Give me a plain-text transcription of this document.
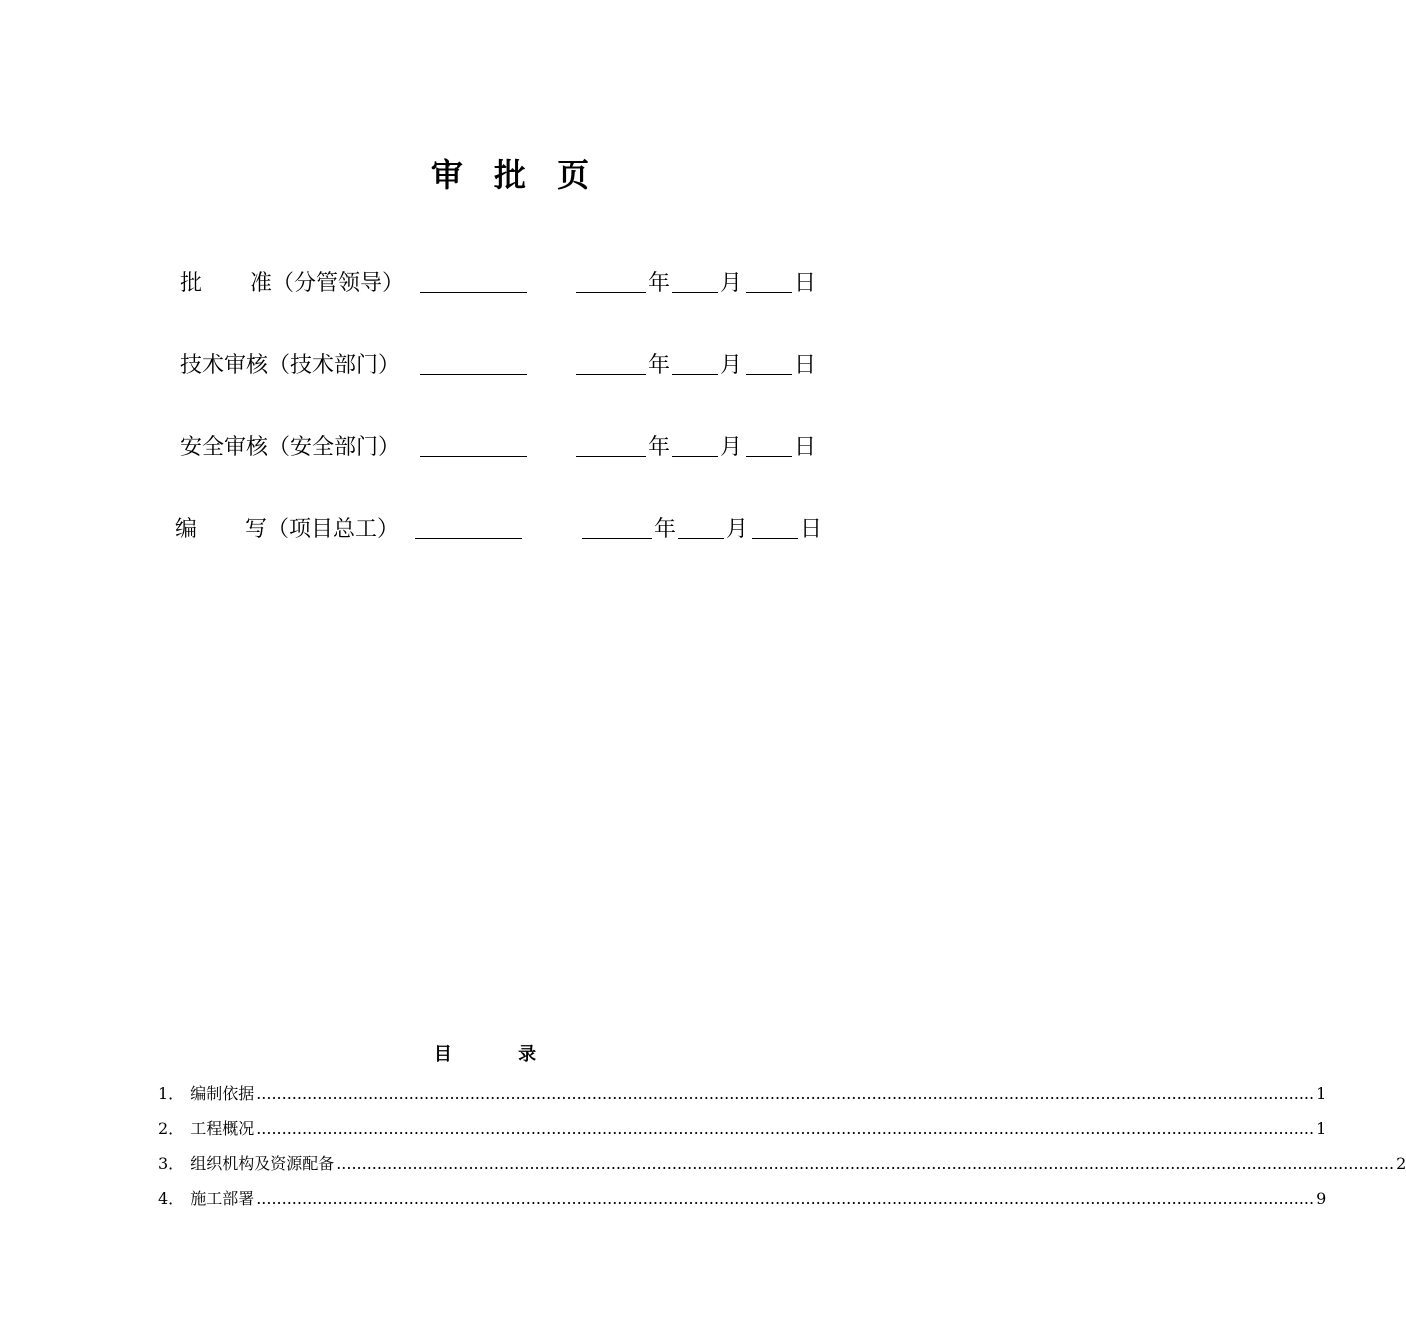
审 批 页
批 准（分管领导）	年 月 日
技术审核（技术部门）	年 月 日
安全审核（安全部门）	年 月 日
编 写（项目总工）	年 月 日
目 录
1． 编制依据 ................................................................................................................................................................................................................ 1
2． 工程概况 ................................................................................................................................................................................................................ 1
3． 组织机构及资源配备 ................................................................................................................................................................................................................ 2
4． 施工部署 ................................................................................................................................................................................................................ 9
